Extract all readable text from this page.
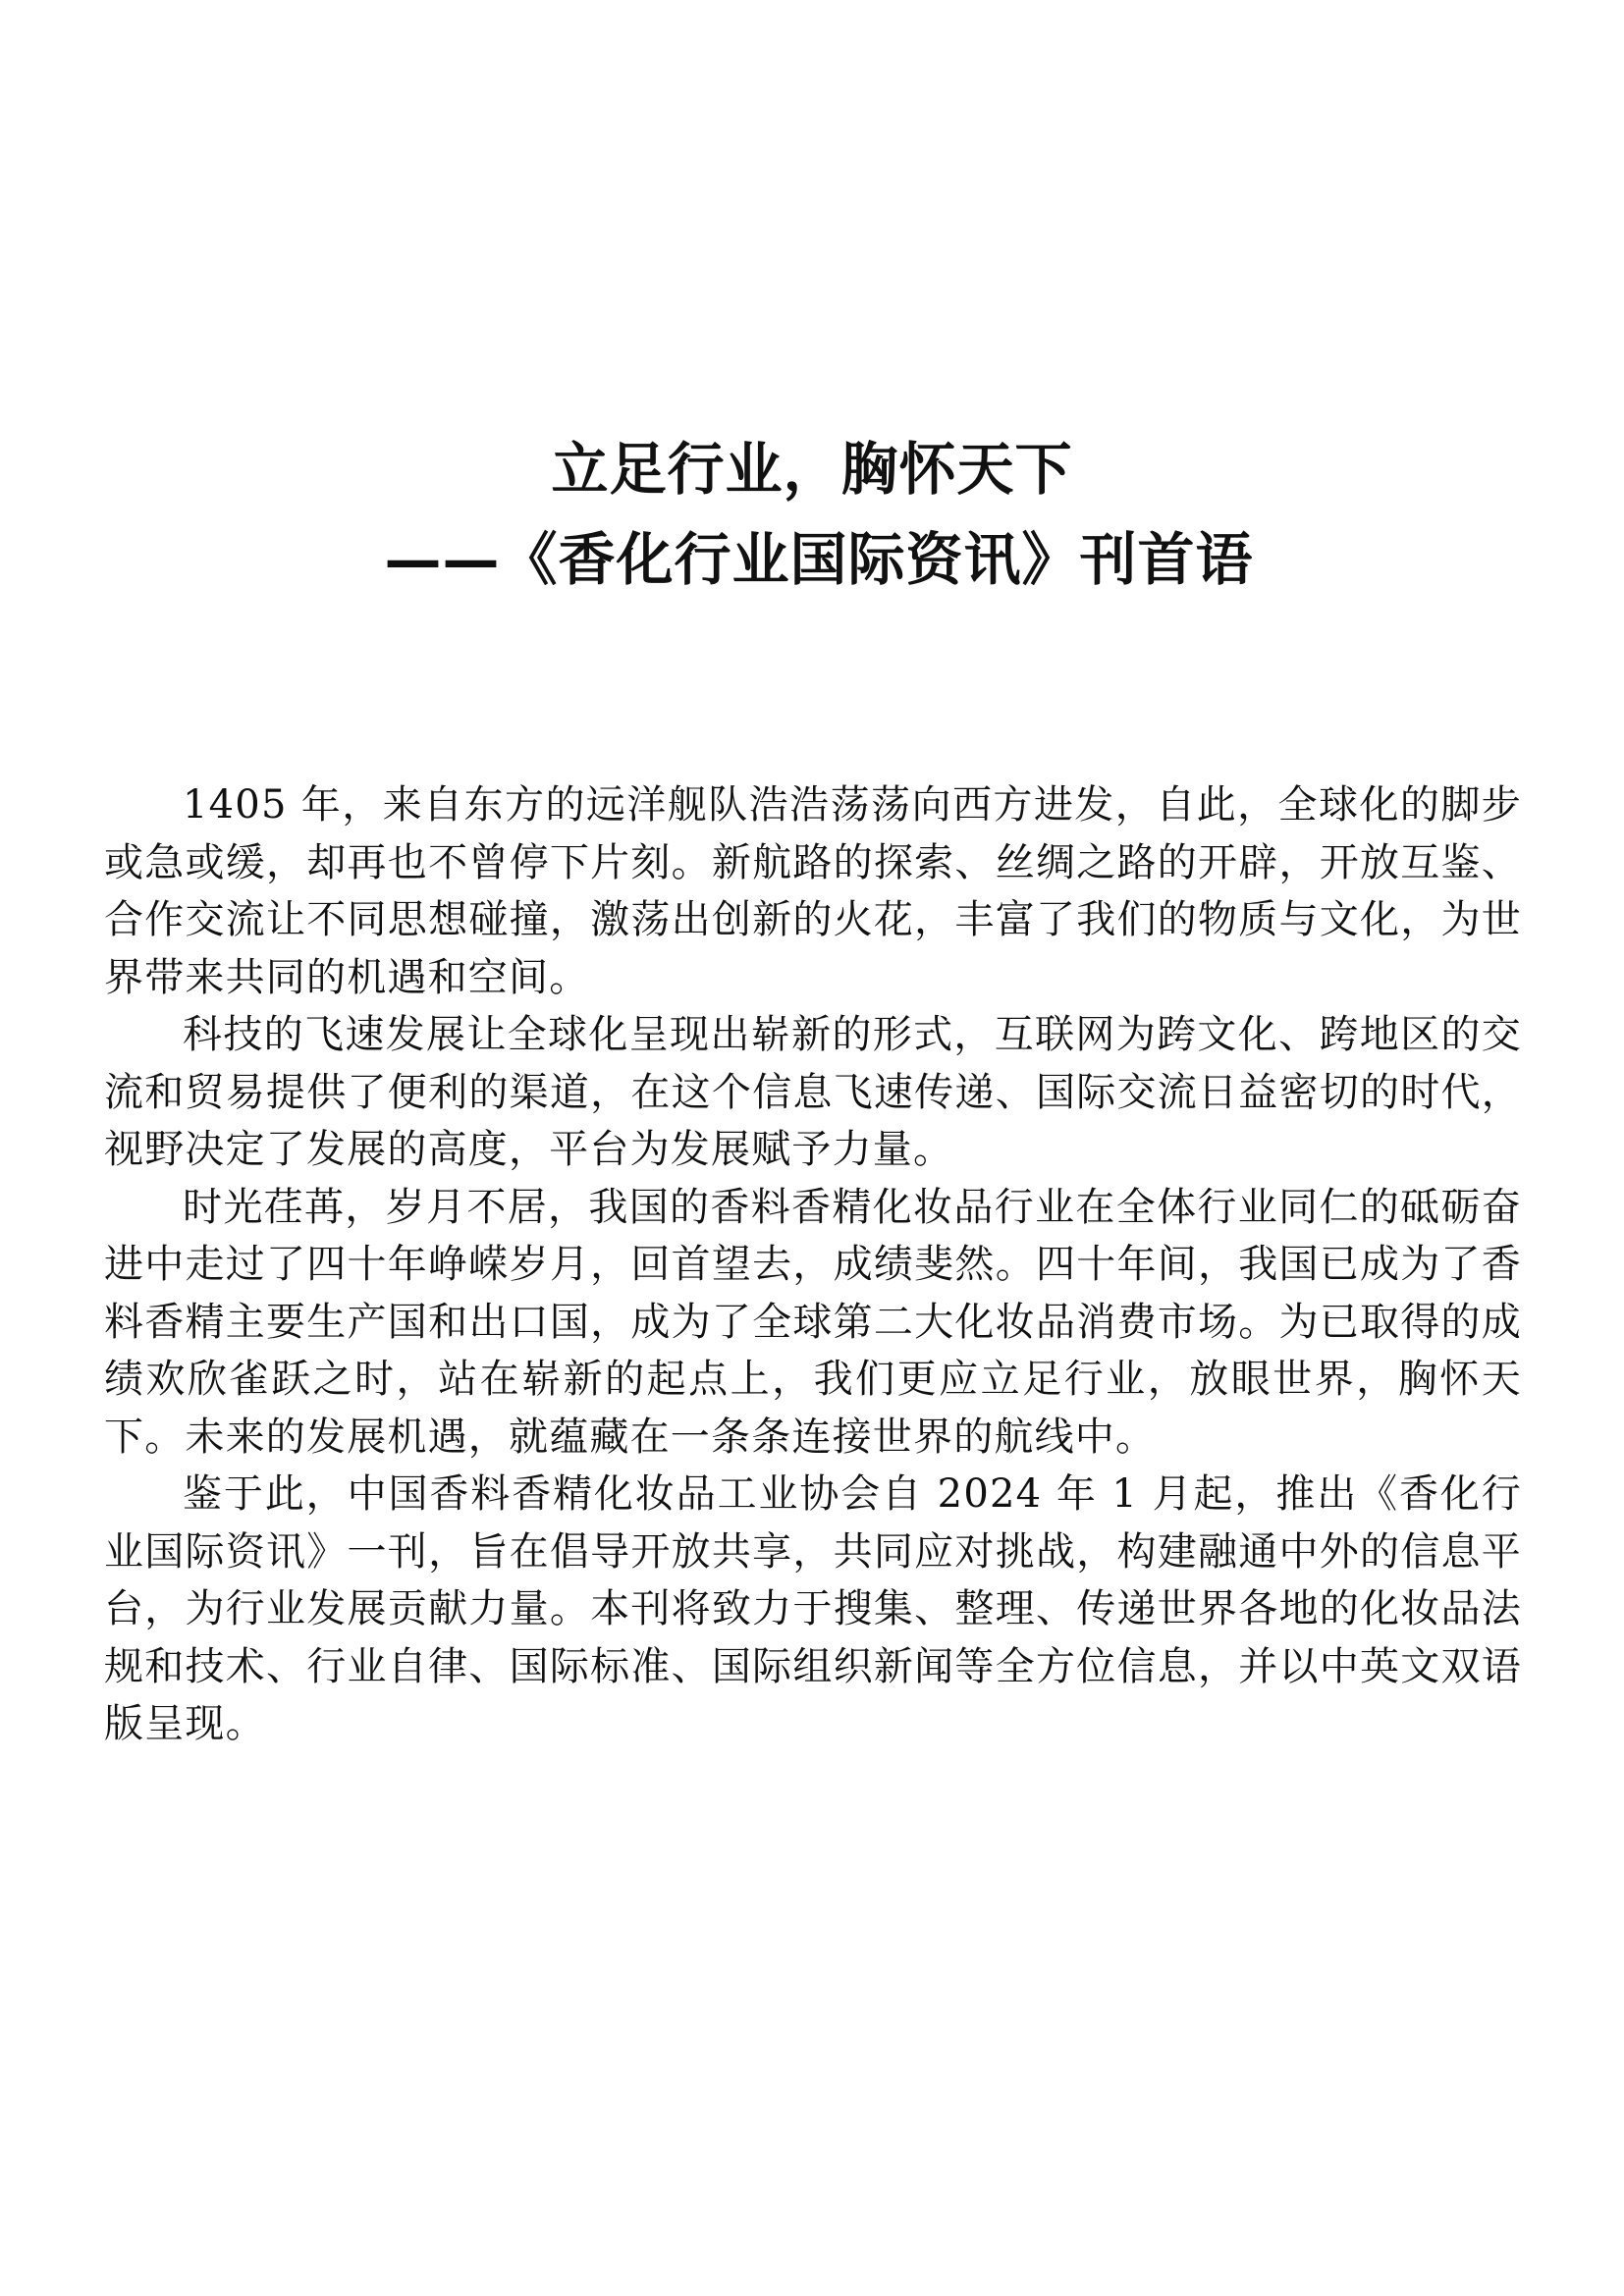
立足行业，胸怀天下
——《香化行业国际资讯》刊首语

1405 年，来自东方的远洋舰队浩浩荡荡向西方进发，自此，全球化的脚步或急或缓，却再也不曾停下片刻。新航路的探索、丝绸之路的开辟，开放互鉴、合作交流让不同思想碰撞，激荡出创新的火花，丰富了我们的物质与文化，为世界带来共同的机遇和空间。

科技的飞速发展让全球化呈现出崭新的形式，互联网为跨文化、跨地区的交流和贸易提供了便利的渠道，在这个信息飞速传递、国际交流日益密切的时代，视野决定了发展的高度，平台为发展赋予力量。

时光荏苒，岁月不居，我国的香料香精化妆品行业在全体行业同仁的砥砺奋进中走过了四十年峥嵘岁月，回首望去，成绩斐然。四十年间，我国已成为了香料香精主要生产国和出口国，成为了全球第二大化妆品消费市场。为已取得的成绩欢欣雀跃之时，站在崭新的起点上，我们更应立足行业，放眼世界，胸怀天下。未来的发展机遇，就蕴藏在一条条连接世界的航线中。

鉴于此，中国香料香精化妆品工业协会自 2024 年 1 月起，推出《香化行业国际资讯》一刊，旨在倡导开放共享，共同应对挑战，构建融通中外的信息平台，为行业发展贡献力量。本刊将致力于搜集、整理、传递世界各地的化妆品法规和技术、行业自律、国际标准、国际组织新闻等全方位信息，并以中英文双语版呈现。
